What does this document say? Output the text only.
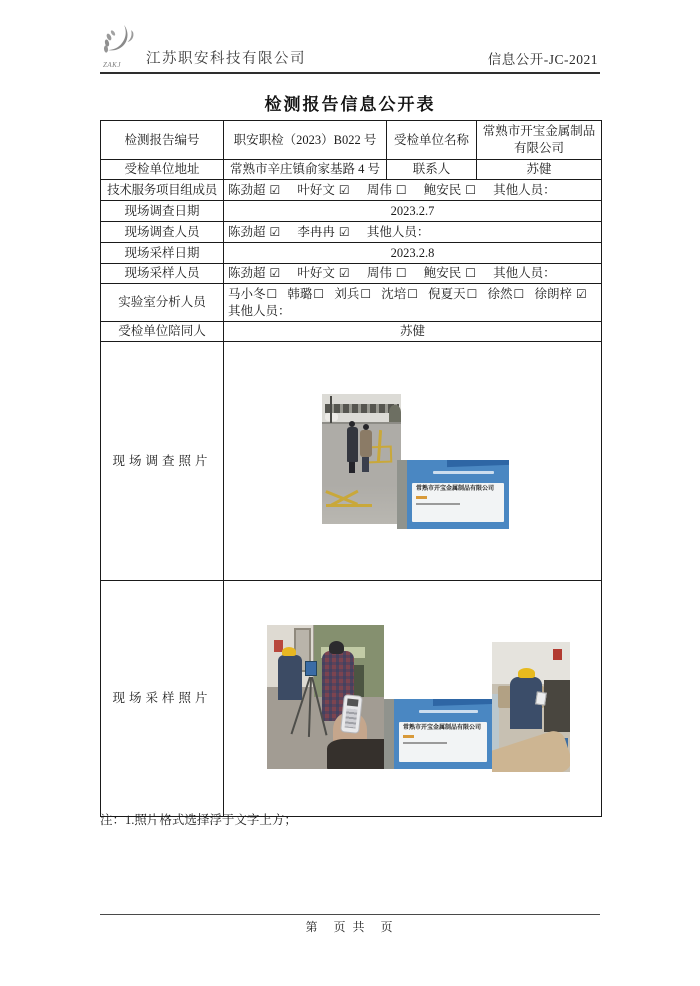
ZAKJ 江苏职安科技有限公司	信息公开-JC-2021
检测报告信息公开表
检测报告编号	职安职检（2023）B022 号	受检单位名称	常熟市开宝金属制品有限公司
受检单位地址	常熟市辛庄镇俞家基路 4 号	联系人	苏健
技术服务项目组成员	陈劲超 ☑ 叶好文 ☑ 周伟 ☐ 鲍安民 ☐ 其他人员：		
现场调查日期	2023.2.7		
现场调查人员	陈劲超 ☑ 李冉冉 ☑ 其他人员：		
现场采样日期	2023.2.8		
现场采样人员	陈劲超 ☑ 叶好文 ☑ 周伟 ☐ 鲍安民 ☐ 其他人员：		
实验室分析人员	马小冬☐ 韩璐☐ 刘兵☐ 沈培☐ 倪夏天☐ 徐然☐ 徐朗梓 ☑
其他人员：		

受检单位陪同人	苏健		
现场调查照片	常熟市开宝金属制品有限公司		

现场采样照片	常熟市开宝金属制品有限公司		
注：1.照片格式选择浮于文字上方；
第　页 共　页
